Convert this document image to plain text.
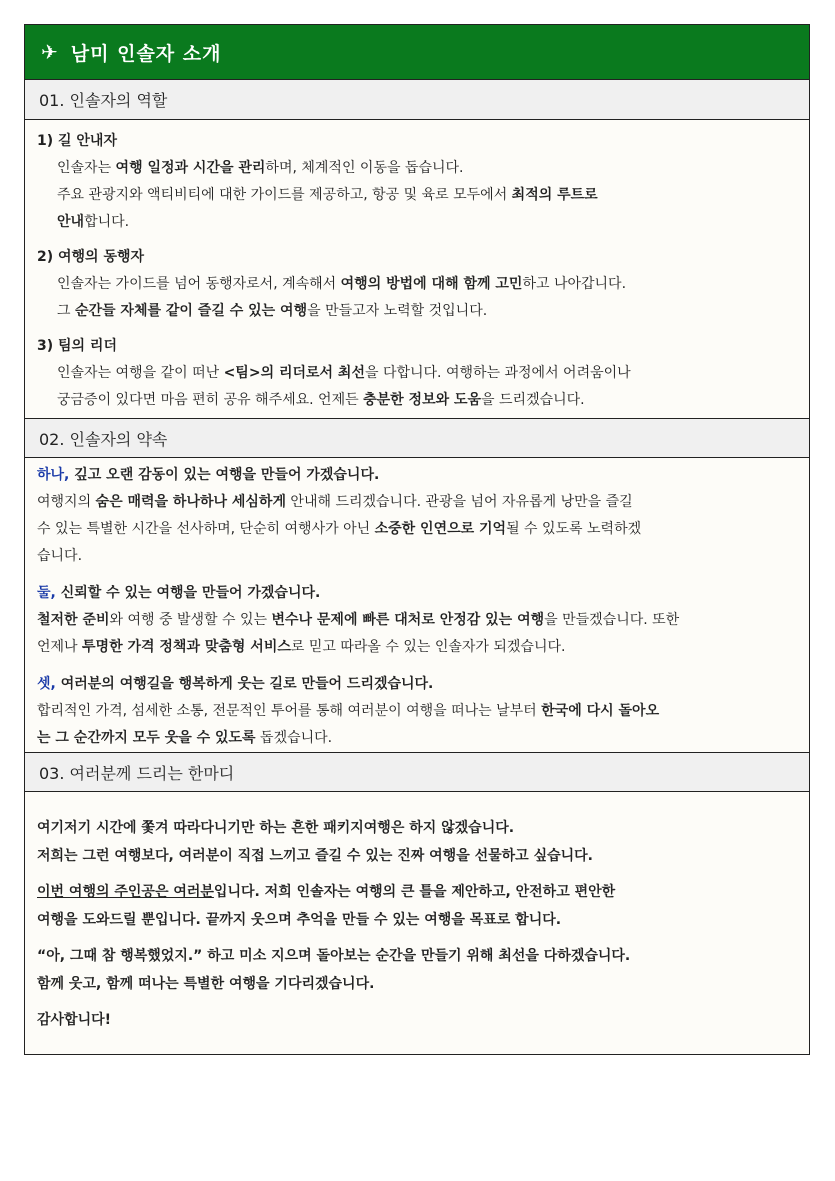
✈ 남미 인솔자 소개
01. 인솔자의 역할
1) 길 안내자
인솔자는 여행 일정과 시간을 관리하며, 체계적인 이동을 돕습니다.
주요 관광지와 액티비티에 대한 가이드를 제공하고, 항공 및 육로 모두에서 최적의 루트로
안내합니다.
2) 여행의 동행자
인솔자는 가이드를 넘어 동행자로서, 계속해서 여행의 방법에 대해 함께 고민하고 나아갑니다.
그 순간들 자체를 같이 즐길 수 있는 여행을 만들고자 노력할 것입니다.
3) 팀의 리더
인솔자는 여행을 같이 떠난 <팀>의 리더로서 최선을 다합니다. 여행하는 과정에서 어려움이나
궁금증이 있다면 마음 편히 공유 해주세요. 언제든 충분한 정보와 도움을 드리겠습니다.
02. 인솔자의 약속
하나, 깊고 오랜 감동이 있는 여행을 만들어 가겠습니다.
여행지의 숨은 매력을 하나하나 세심하게 안내해 드리겠습니다. 관광을 넘어 자유롭게 낭만을 즐길
수 있는 특별한 시간을 선사하며, 단순히 여행사가 아닌 소중한 인연으로 기억될 수 있도록 노력하겠
습니다.
둘, 신뢰할 수 있는 여행을 만들어 가겠습니다.
철저한 준비와 여행 중 발생할 수 있는 변수나 문제에 빠른 대처로 안정감 있는 여행을 만들겠습니다. 또한
언제나 투명한 가격 정책과 맞춤형 서비스로 믿고 따라올 수 있는 인솔자가 되겠습니다.
셋, 여러분의 여행길을 행복하게 웃는 길로 만들어 드리겠습니다.
합리적인 가격, 섬세한 소통, 전문적인 투어를 통해 여러분이 여행을 떠나는 날부터 한국에 다시 돌아오
는 그 순간까지 모두 웃을 수 있도록 돕겠습니다.
03. 여러분께 드리는 한마디

여기저기 시간에 쫓겨 따라다니기만 하는 흔한 패키지여행은 하지 않겠습니다.
저희는 그런 여행보다, 여러분이 직접 느끼고 즐길 수 있는 진짜 여행을 선물하고 싶습니다.

이번 여행의 주인공은 여러분입니다. 저희 인솔자는 여행의 큰 틀을 제안하고, 안전하고 편안한
여행을 도와드릴 뿐입니다. 끝까지 웃으며 추억을 만들 수 있는 여행을 목표로 합니다.

“아, 그때 참 행복했었지.” 하고 미소 지으며 돌아보는 순간을 만들기 위해 최선을 다하겠습니다.
함께 웃고, 함께 떠나는 특별한 여행을 기다리겠습니다.

감사합니다!
